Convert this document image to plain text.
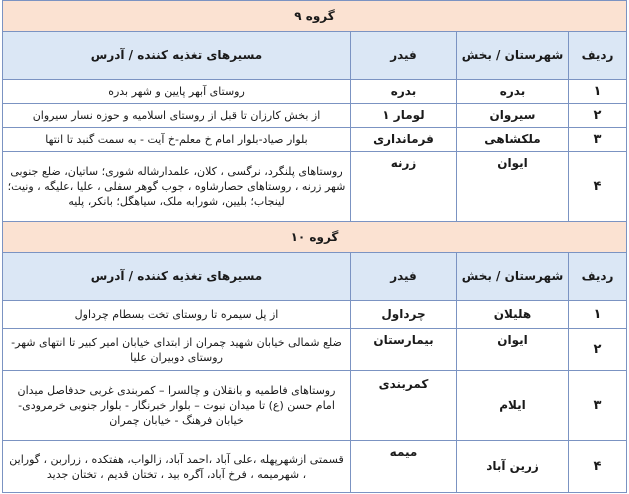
گروه ۹			
ردیف	شهرستان / بخش	فیدر	مسیرهای تغذیه کننده / آدرس
۱	بدره	بدره	روستای آبهر پایین و شهر بدره
۲	سیروان	لومار ۱	از بخش کارزان تا قبل از روستای اسلامیه و حوزه نسار سیروان
۳	ملکشاهی	فرمانداری	بلوار صیاد-بلوار امام خ معلم-خ آیت - به سمت گنبد تا انتها
۴	ایوان	زرنه	روستاهای پلنگرد، نرگسی ، کلان، علمدارشاله شوری؛ ساتیان، ضلع جنوبی شهر زرنه ، روستاهای حصارشاوه ، جوب گوهر سفلی ، علیا ،علیگه ، ونیت؛ لینجاب؛ بلیین، شورابه ملک، سیاهگل؛ بانکر، پلیه
گروه ۱۰			
ردیف	شهرستان / بخش	فیدر	مسیرهای تغذیه کننده / آدرس
۱	هلیلان	چرداول	از پل سیمره تا روستای تخت بسطام چرداول
۲	ایوان	بیمارستان	ضلع شمالی خیابان شهید چمران از ابتدای خیابان امیر کبیر تا انتهای شهر- روستای دوبیران علیا
۳	ایلام	کمربندی	روستاهای فاطمیه و بانقلان و چالسرا – کمربندی غربی حدفاصل میدان امام حسن (ع) تا میدان نبوت – بلوار خبرنگار - بلوار جنوبی خرمرودی-خیابان فرهنگ - خیابان چمران
۴	زرین آباد	میمه	قسمتی ازشهرپهله ،علی آباد ،احمد آباد، زالواب، هفتکده ، زراربن ، گوراین ، شهرمیمه ، فرخ آباد، آگره بید ، تختان قدیم ، تختان جدید
